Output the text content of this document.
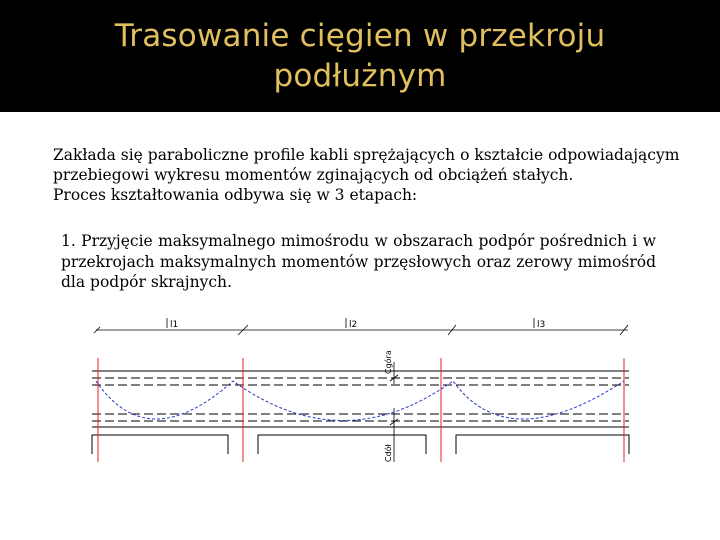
Trasowanie cięgien w przekroju
podłużnym
Zakłada się paraboliczne profile kabli sprężających o kształcie odpowiadającym
przebiegowi wykresu momentów zginających od obciążeń stałych.
Proces kształtowania odbywa się w 3 etapach:
1. Przyjęcie maksymalnego mimośrodu w obszarach podpór pośrednich i w przekrojach maksymalnych momentów przęsłowych oraz zerowy mimośród dla podpór skrajnych.
l1	l2	l3
Cgóra
Cdół
